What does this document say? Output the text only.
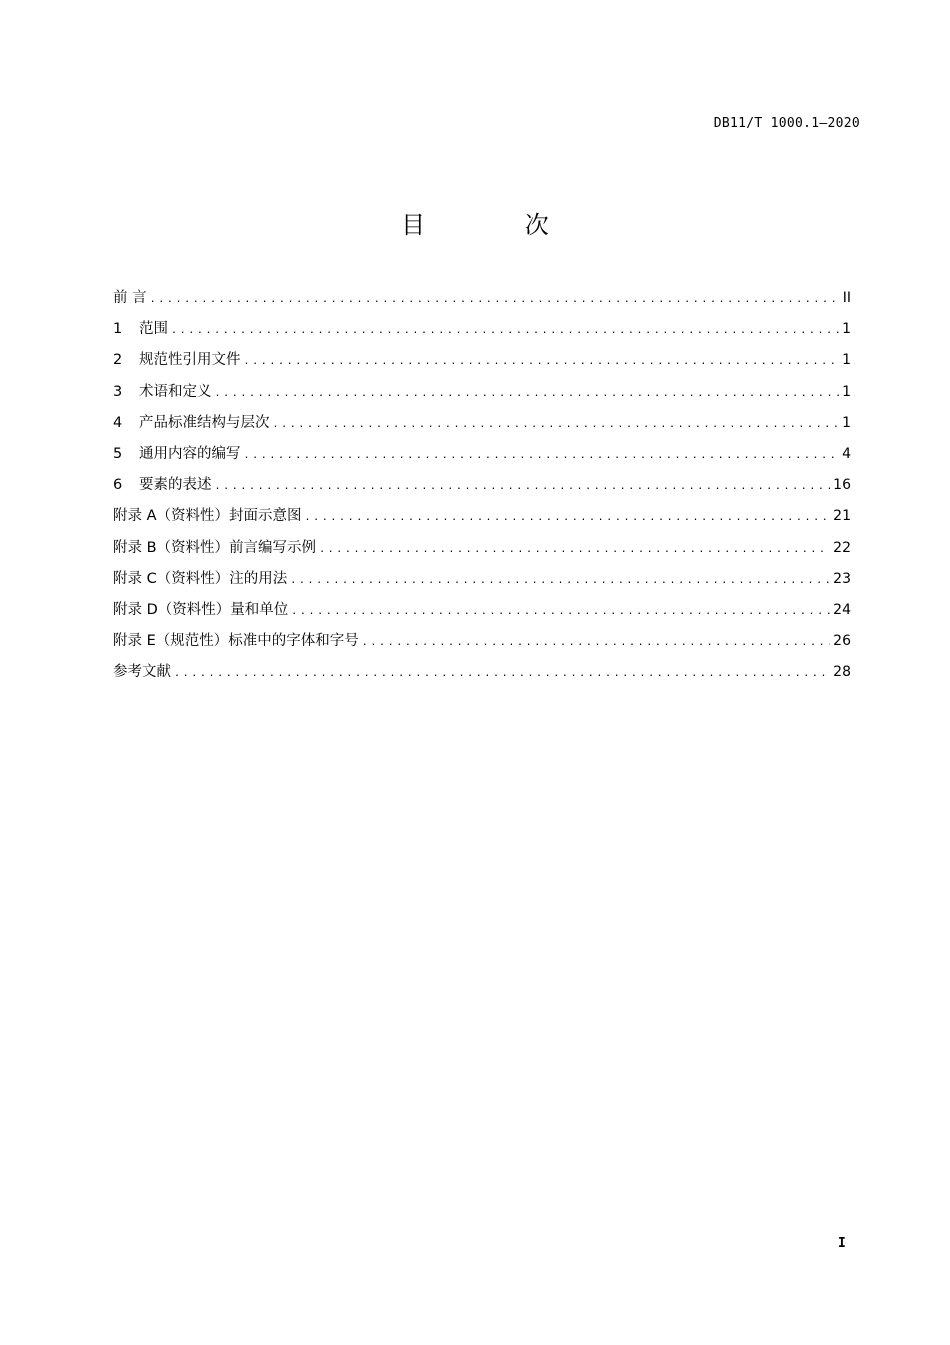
DB11/T 1000.1—2020
目 次
前 言 .....	II
1	范围 .....	1
2	规范性引用文件 .....	1
3	术语和定义 .....	1
4	产品标准结构与层次 .....	1
5	通用内容的编写 .....	4
6	要素的表述 .....	16
附录 A（资料性）封面示意图 .....	21
附录 B（资料性）前言编写示例 .....	22
附录 C（资料性）注的用法 .....	23
附录 D（资料性）量和单位 .....	24
附录 E（规范性）标准中的字体和字号 .....	26
参考文献 .....	28
I
